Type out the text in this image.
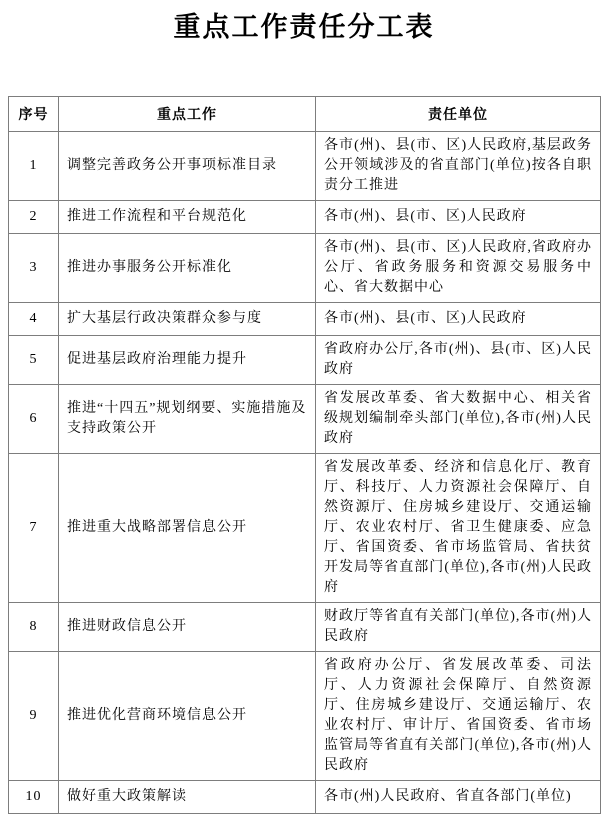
重点工作责任分工表
序号	重点工作	责任单位
1	调整完善政务公开事项标准目录	各市(州)、县(市、区)人民政府,基层政务公开领域涉及的省直部门(单位)按各自职责分工推进
2	推进工作流程和平台规范化	各市(州)、县(市、区)人民政府
3	推进办事服务公开标准化	各市(州)、县(市、区)人民政府,省政府办公厅、省政务服务和资源交易服务中心、省大数据中心
4	扩大基层行政决策群众参与度	各市(州)、县(市、区)人民政府
5	促进基层政府治理能力提升	省政府办公厅,各市(州)、县(市、区)人民政府
6	推进“十四五”规划纲要、实施措施及支持政策公开	省发展改革委、省大数据中心、相关省级规划编制牵头部门(单位),各市(州)人民政府
7	推进重大战略部署信息公开	省发展改革委、经济和信息化厅、教育厅、科技厅、人力资源社会保障厅、自然资源厅、住房城乡建设厅、交通运输厅、农业农村厅、省卫生健康委、应急厅、省国资委、省市场监管局、省扶贫开发局等省直部门(单位),各市(州)人民政府
8	推进财政信息公开	财政厅等省直有关部门(单位),各市(州)人民政府
9	推进优化营商环境信息公开	省政府办公厅、省发展改革委、司法厅、人力资源社会保障厅、自然资源厅、住房城乡建设厅、交通运输厅、农业农村厅、审计厅、省国资委、省市场监管局等省直有关部门(单位),各市(州)人民政府
10	做好重大政策解读	各市(州)人民政府、省直各部门(单位)
